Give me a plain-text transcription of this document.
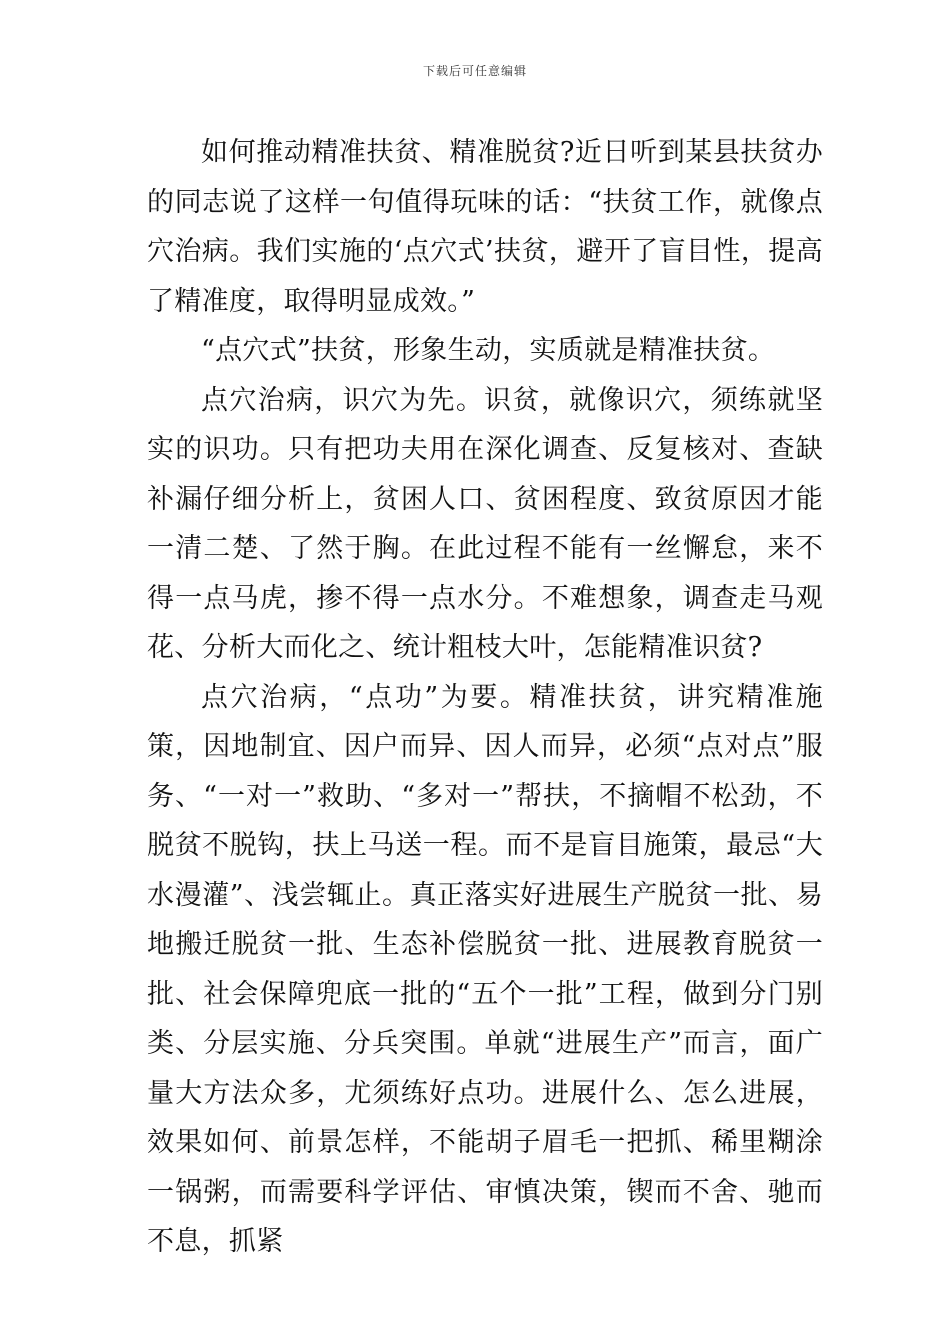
下载后可任意编辑

如何推动精准扶贫、精准脱贫?近日听到某县扶贫办的同志说了这样一句值得玩味的话：“扶贫工作，就像点穴治病。我们实施的‘点穴式’扶贫，避开了盲目性，提高了精准度，取得明显成效。”

“点穴式”扶贫，形象生动，实质就是精准扶贫。

点穴治病，识穴为先。识贫，就像识穴，须练就坚实的识功。只有把功夫用在深化调查、反复核对、查缺补漏仔细分析上，贫困人口、贫困程度、致贫原因才能一清二楚、了然于胸。在此过程不能有一丝懈怠，来不得一点马虎，掺不得一点水分。不难想象，调查走马观花、分析大而化之、统计粗枝大叶，怎能精准识贫?

点穴治病，“点功”为要。精准扶贫，讲究精准施策，因地制宜、因户而异、因人而异，必须“点对点”服务、“一对一”救助、“多对一”帮扶，不摘帽不松劲，不脱贫不脱钩，扶上马送一程。而不是盲目施策，最忌“大水漫灌”、浅尝辄止。真正落实好进展生产脱贫一批、易地搬迁脱贫一批、生态补偿脱贫一批、进展教育脱贫一批、社会保障兜底一批的“五个一批”工程，做到分门别类、分层实施、分兵突围。单就“进展生产”而言，面广量大方法众多，尤须练好点功。进展什么、怎么进展，效果如何、前景怎样，不能胡子眉毛一把抓、稀里糊涂一锅粥，而需要科学评估、审慎决策，锲而不舍、驰而不息，抓紧
